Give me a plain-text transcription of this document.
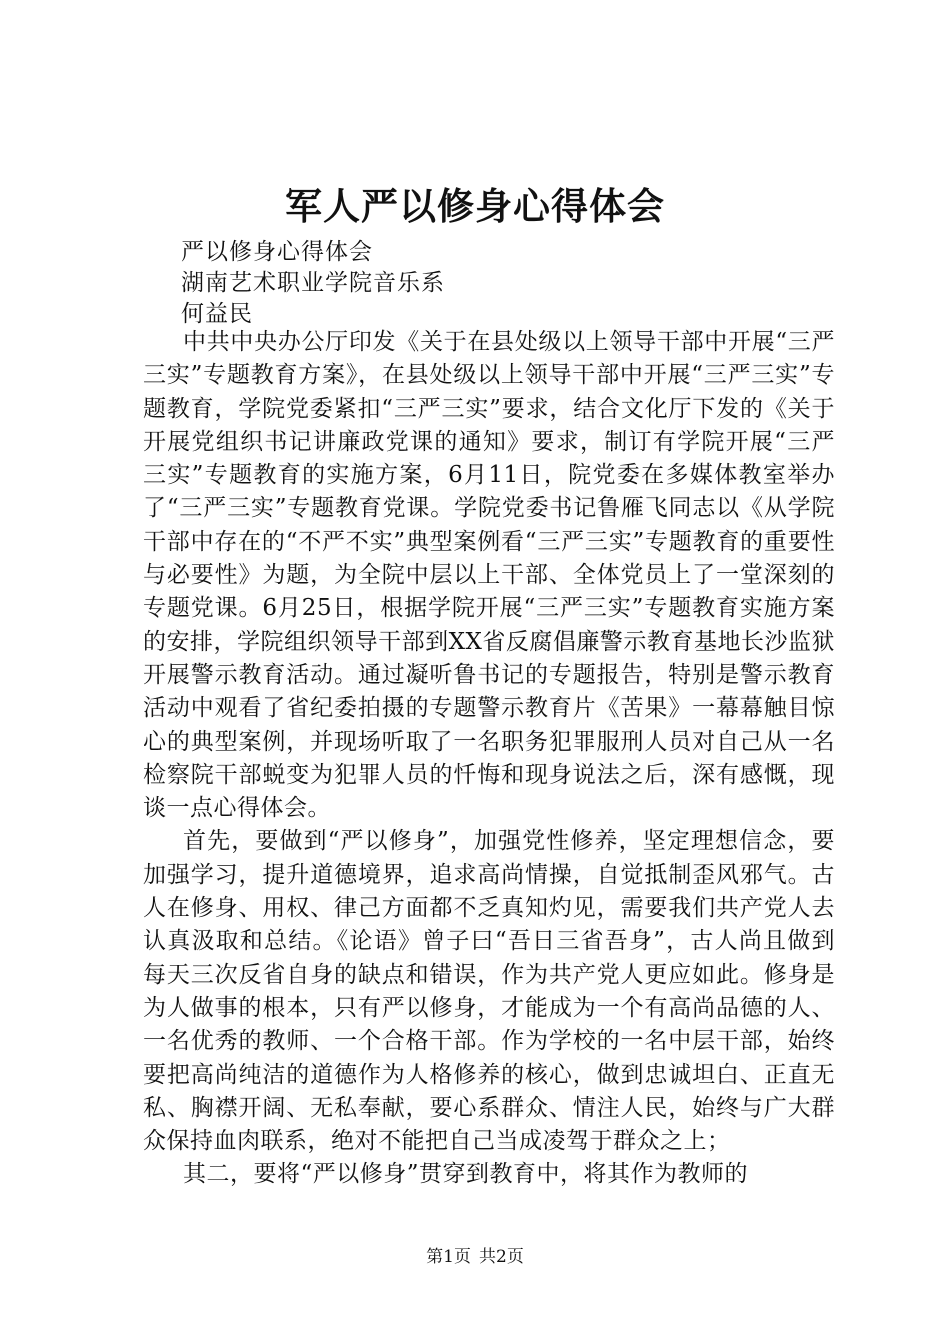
军人严以修身心得体会

严以修身心得体会

湖南艺术职业学院音乐系

何益民

中共中央办公厅印发《关于在县处级以上领导干部中开展“三严三实”专题教育方案》，在县处级以上领导干部中开展“三严三实”专题教育，学院党委紧扣“三严三实”要求，结合文化厅下发的《关于开展党组织书记讲廉政党课的通知》要求，制订有学院开展“三严三实”专题教育的实施方案，6月11日，院党委在多媒体教室举办了“三严三实”专题教育党课。学院党委书记鲁雁飞同志以《从学院干部中存在的“不严不实”典型案例看“三严三实”专题教育的重要性与必要性》为题，为全院中层以上干部、全体党员上了一堂深刻的专题党课。6月25日，根据学院开展“三严三实”专题教育实施方案的安排，学院组织领导干部到XX省反腐倡廉警示教育基地长沙监狱开展警示教育活动。通过凝听鲁书记的专题报告，特别是警示教育活动中观看了省纪委拍摄的专题警示教育片《苦果》一幕幕触目惊心的典型案例，并现场听取了一名职务犯罪服刑人员对自己从一名检察院干部蜕变为犯罪人员的忏悔和现身说法之后，深有感慨，现谈一点心得体会。

首先，要做到“严以修身”，加强党性修养，坚定理想信念，要加强学习，提升道德境界，追求高尚情操，自觉抵制歪风邪气。古人在修身、用权、律己方面都不乏真知灼见，需要我们共产党人去认真汲取和总结。《论语》曾子曰“吾日三省吾身”，古人尚且做到每天三次反省自身的缺点和错误，作为共产党人更应如此。修身是为人做事的根本，只有严以修身，才能成为一个有高尚品德的人、一名优秀的教师、一个合格干部。作为学校的一名中层干部，始终要把高尚纯洁的道德作为人格修养的核心，做到忠诚坦白、正直无私、胸襟开阔、无私奉献，要心系群众、情注人民，始终与广大群众保持血肉联系，绝对不能把自己当成凌驾于群众之上；

其二，要将“严以修身”贯穿到教育中，将其作为教师的

第1页 共2页
